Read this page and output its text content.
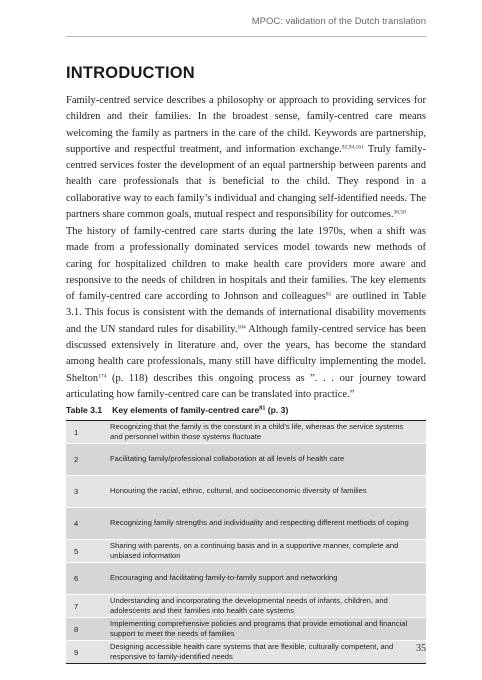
MPOC: validation of the Dutch translation
INTRODUCTION

Family-centred service describes a philosophy or approach to providing services for children and their families. In the broadest sense, family-centred care means welcoming the family as partners in the care of the child. Keywords are partnership, supportive and respectful treatment, and information exchange.$^{92,94,161}$ Truly family-centred services foster the development of an equal partnership between parents and health care professionals that is beneficial to the child. They respond in a collaborative way to each family’s individual and changing self-identified needs. The partners share common goals, mutual respect and responsibility for outcomes.$^{36,50}$

The history of family-centred care starts during the late 1970s, when a shift was made from a professionally dominated services model towards new methods of caring for hospitalized children to make health care providers more aware and responsive to the needs of children in hospitals and their families. The key elements of family-centred care according to Johnson and colleagues$^{81}$ are outlined in Table 3.1. This focus is consistent with the demands of international disability movements and the UN standard rules for disability.$^{104}$ Although family-centred service has been discussed extensively in literature and, over the years, has become the standard among health care professionals, many still have difficulty implementing the model. Shelton$^{174}$ (p. 118) describes this ongoing process as ”. . . our journey toward articulating how family-centred care can be translated into practice.”

Table 3.1 Key elements of family-centred care$^{81}$ (p. 3)
1	Recognizing that the family is the constant in a child’s life, whereas the service systems and personnel within those systems fluctuate
2	Facilitating family/professional collaboration at all levels of health care
3	Honouring the racial, ethnic, cultural, and socioeconomic diversity of families
4	Recognizing family strengths and individuality and respecting different methods of coping
5	Sharing with parents, on a continuing basis and in a supportive manner, complete and unbiased information
6	Encouraging and facilitating family-to-family support and networking
7	Understanding and incorporating the developmental needs of infants, children, and adolescents and their families into health care systems
8	Implementing comprehensive policies and programs that provide emotional and financial support to meet the needs of families
9	Designing accessible health care systems that are flexible, culturally competent, and responsive to family-identified needs
35
